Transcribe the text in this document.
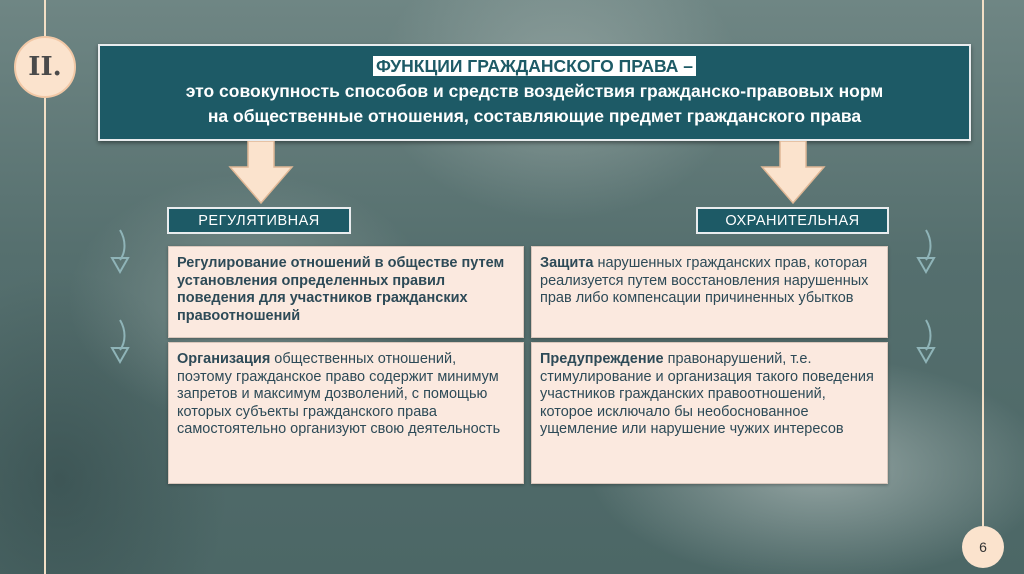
II.	ФУНКЦИИ ГРАЖДАНСКОГО ПРАВА –
это совокупность способов и средств воздействия гражданско-правовых норм
на общественные отношения, составляющие предмет гражданского права
РЕГУЛЯТИВНАЯ	ОХРАНИТЕЛЬНАЯ
Регулирование отношений в обществе путем установления определенных правил поведения для участников гражданских правоотношений
Организация общественных отношений, поэтому гражданское право содержит минимум запретов и максимум дозволений, с помощью которых субъекты гражданского права самостоятельно организуют свою деятельность
Защита нарушенных гражданских прав, которая реализуется путем восстановления нарушенных прав либо компенсации причиненных убытков
Предупреждение правонарушений, т.е. стимулирование и организация такого поведения участников гражданских правоотношений, которое исключало бы необоснованное ущемление или нарушение чужих интересов
6
